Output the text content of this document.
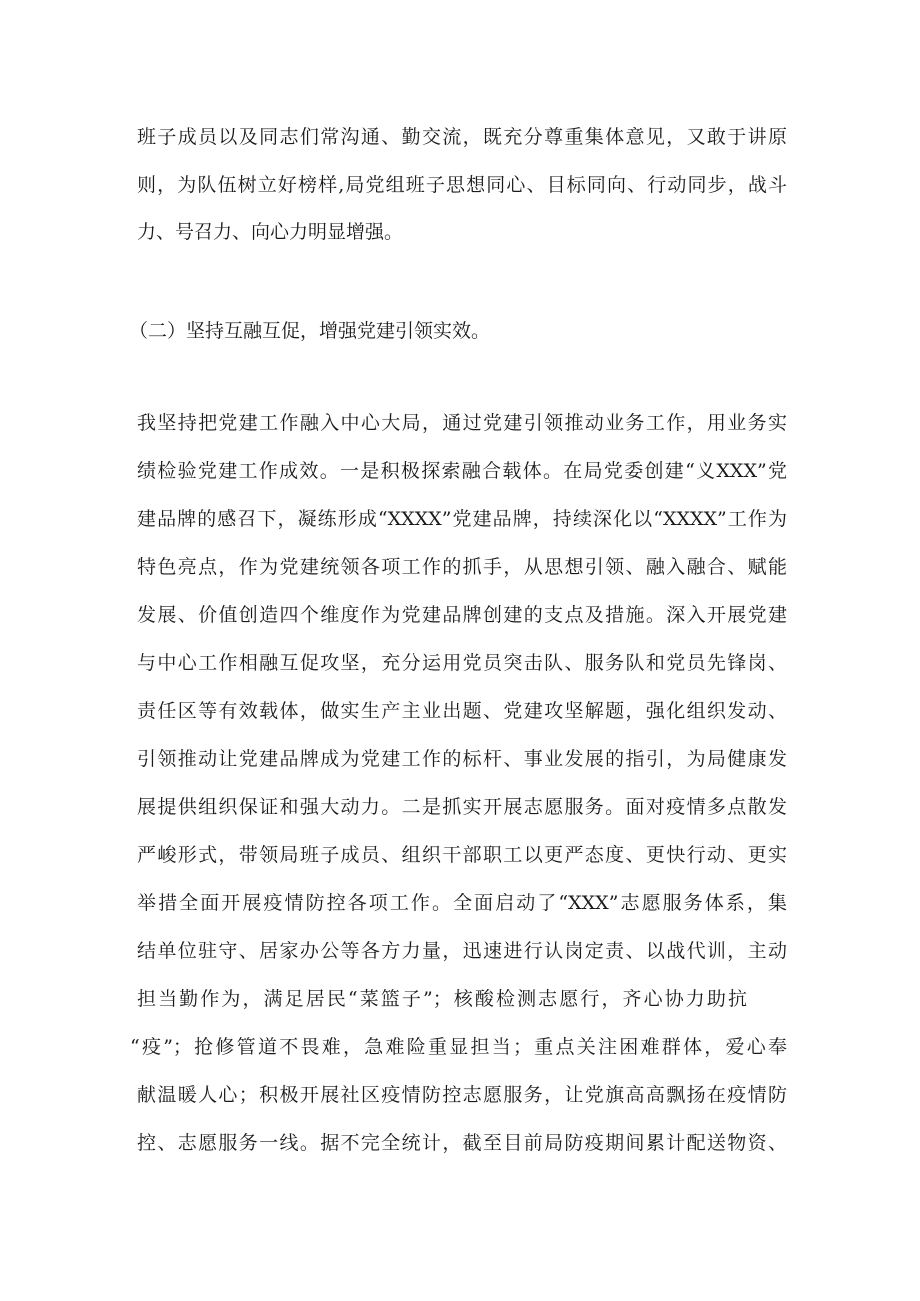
班子成员以及同志们常沟通、勤交流，既充分尊重集体意见，又敢于讲原
则，为队伍树立好榜样,局党组班子思想同心、目标同向、行动同步，战斗
力、号召力、向心力明显增强。
（二）坚持互融互促，增强党建引领实效。
我坚持把党建工作融入中心大局，通过党建引领推动业务工作，用业务实
绩检验党建工作成效。一是积极探索融合载体。在局党委创建“义XXX”党
建品牌的感召下，凝练形成“XXXX”党建品牌，持续深化以“XXXX”工作为
特色亮点，作为党建统领各项工作的抓手，从思想引领、融入融合、赋能
发展、价值创造四个维度作为党建品牌创建的支点及措施。深入开展党建
与中心工作相融互促攻坚，充分运用党员突击队、服务队和党员先锋岗、
责任区等有效载体，做实生产主业出题、党建攻坚解题，强化组织发动、
引领推动让党建品牌成为党建工作的标杆、事业发展的指引，为局健康发
展提供组织保证和强大动力。二是抓实开展志愿服务。面对疫情多点散发
严峻形式，带领局班子成员、组织干部职工以更严态度、更快行动、更实
举措全面开展疫情防控各项工作。全面启动了“XXX”志愿服务体系，集
结单位驻守、居家办公等各方力量，迅速进行认岗定责、以战代训，主动
担当勤作为，满足居民“菜篮子”；核酸检测志愿行，齐心协力助抗
“疫”；抢修管道不畏难，急难险重显担当；重点关注困难群体，爱心奉
献温暖人心；积极开展社区疫情防控志愿服务，让党旗高高飘扬在疫情防
控、志愿服务一线。据不完全统计，截至目前局防疫期间累计配送物资、
